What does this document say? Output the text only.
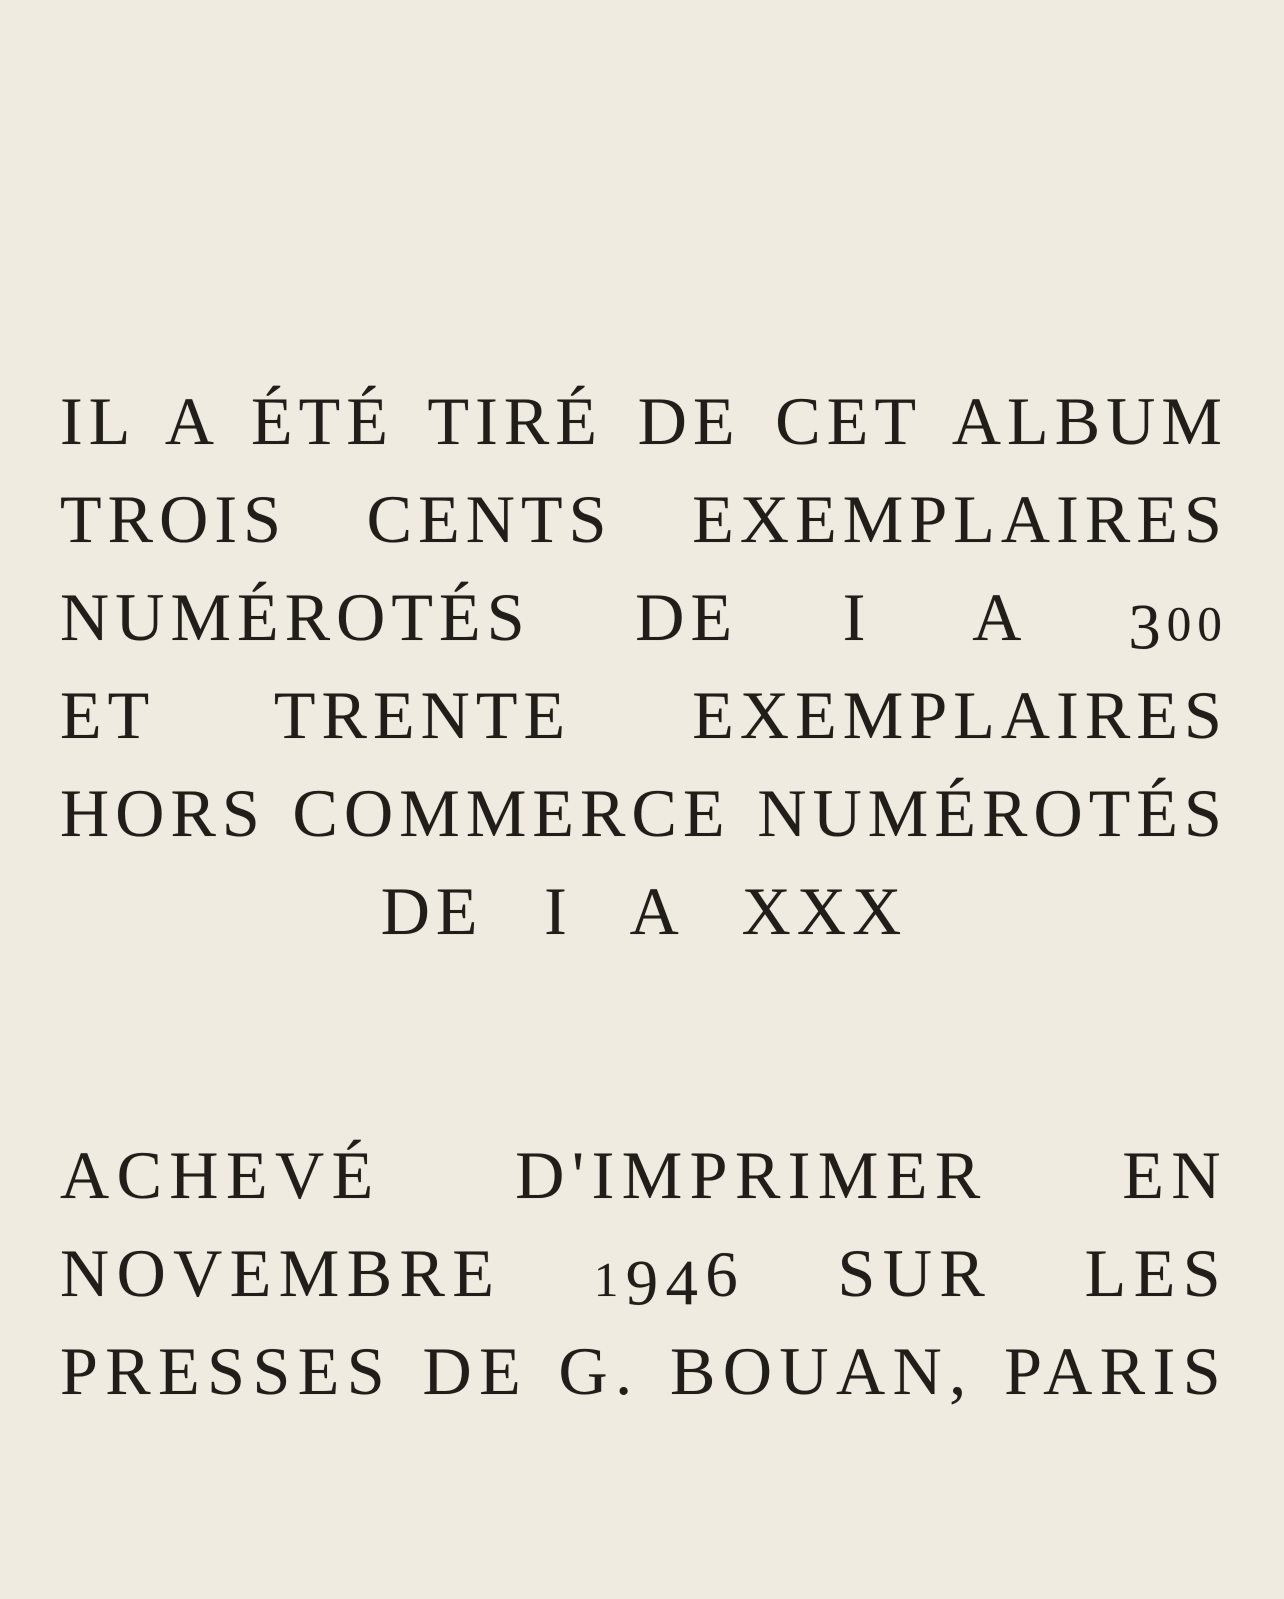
IL A ÉTÉ TIRÉ DE CET ALBUM
TROIS CENTS EXEMPLAIRES
NUMÉROTÉS DE I A 300
ET TRENTE EXEMPLAIRES
HORS COMMERCE NUMÉROTÉS
DE I A XXX
ACHEVÉ D'IMPRIMER EN
NOVEMBRE 1946 SUR LES
PRESSES DE G. BOUAN, PARIS
